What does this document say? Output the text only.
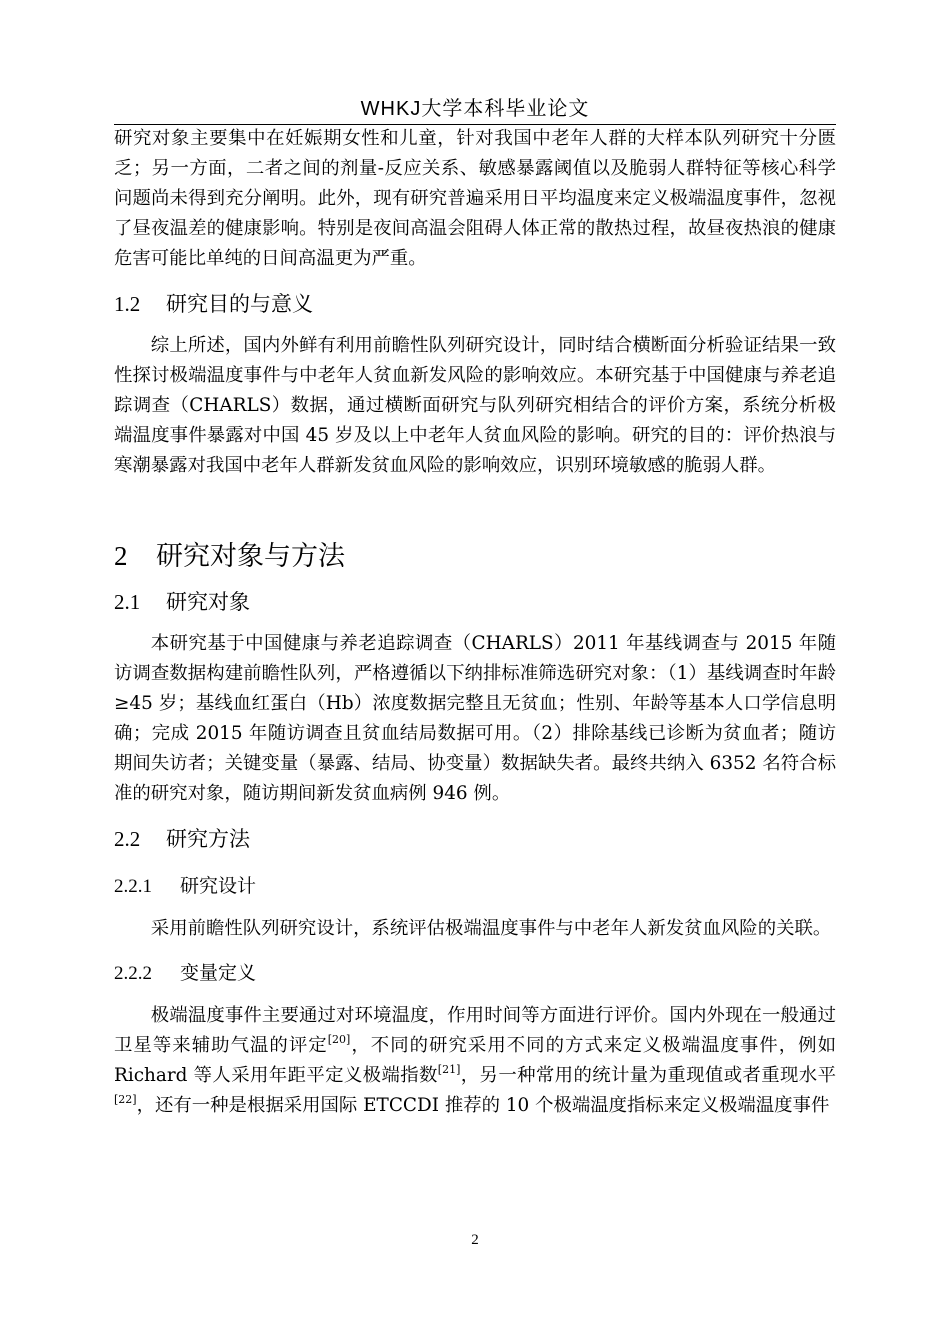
WHKJ大学本科毕业论文

研究对象主要集中在妊娠期女性和儿童，针对我国中老年人群的大样本队列研究十分匮乏；另一方面，二者之间的剂量-反应关系、敏感暴露阈值以及脆弱人群特征等核心科学问题尚未得到充分阐明。此外，现有研究普遍采用日平均温度来定义极端温度事件，忽视了昼夜温差的健康影响。特别是夜间高温会阻碍人体正常的散热过程，故昼夜热浪的健康危害可能比单纯的日间高温更为严重。

1.2 研究目的与意义

综上所述，国内外鲜有利用前瞻性队列研究设计，同时结合横断面分析验证结果一致性探讨极端温度事件与中老年人贫血新发风险的影响效应。本研究基于中国健康与养老追踪调查（CHARLS）数据，通过横断面研究与队列研究相结合的评价方案，系统分析极端温度事件暴露对中国 45 岁及以上中老年人贫血风险的影响。研究的目的：评价热浪与寒潮暴露对我国中老年人群新发贫血风险的影响效应，识别环境敏感的脆弱人群。

2 研究对象与方法
2.1 研究对象

本研究基于中国健康与养老追踪调查（CHARLS）2011 年基线调查与 2015 年随访调查数据构建前瞻性队列，严格遵循以下纳排标准筛选研究对象：（1）基线调查时年龄≥45 岁；基线血红蛋白（Hb）浓度数据完整且无贫血；性别、年龄等基本人口学信息明确；完成 2015 年随访调查且贫血结局数据可用。（2）排除基线已诊断为贫血者；随访期间失访者；关键变量（暴露、结局、协变量）数据缺失者。最终共纳入 6352 名符合标准的研究对象，随访期间新发贫血病例 946 例。

2.2 研究方法
2.2.1 研究设计

采用前瞻性队列研究设计，系统评估极端温度事件与中老年人新发贫血风险的关联。

2.2.2 变量定义

极端温度事件主要通过对环境温度，作用时间等方面进行评价。国内外现在一般通过卫星等来辅助气温的评定[20]，不同的研究采用不同的方式来定义极端温度事件，例如 Richard 等人采用年距平定义极端指数[21]，另一种常用的统计量为重现值或者重现水平[22]，还有一种是根据采用国际 ETCCDI 推荐的 10 个极端温度指标来定义极端温度事件

2
